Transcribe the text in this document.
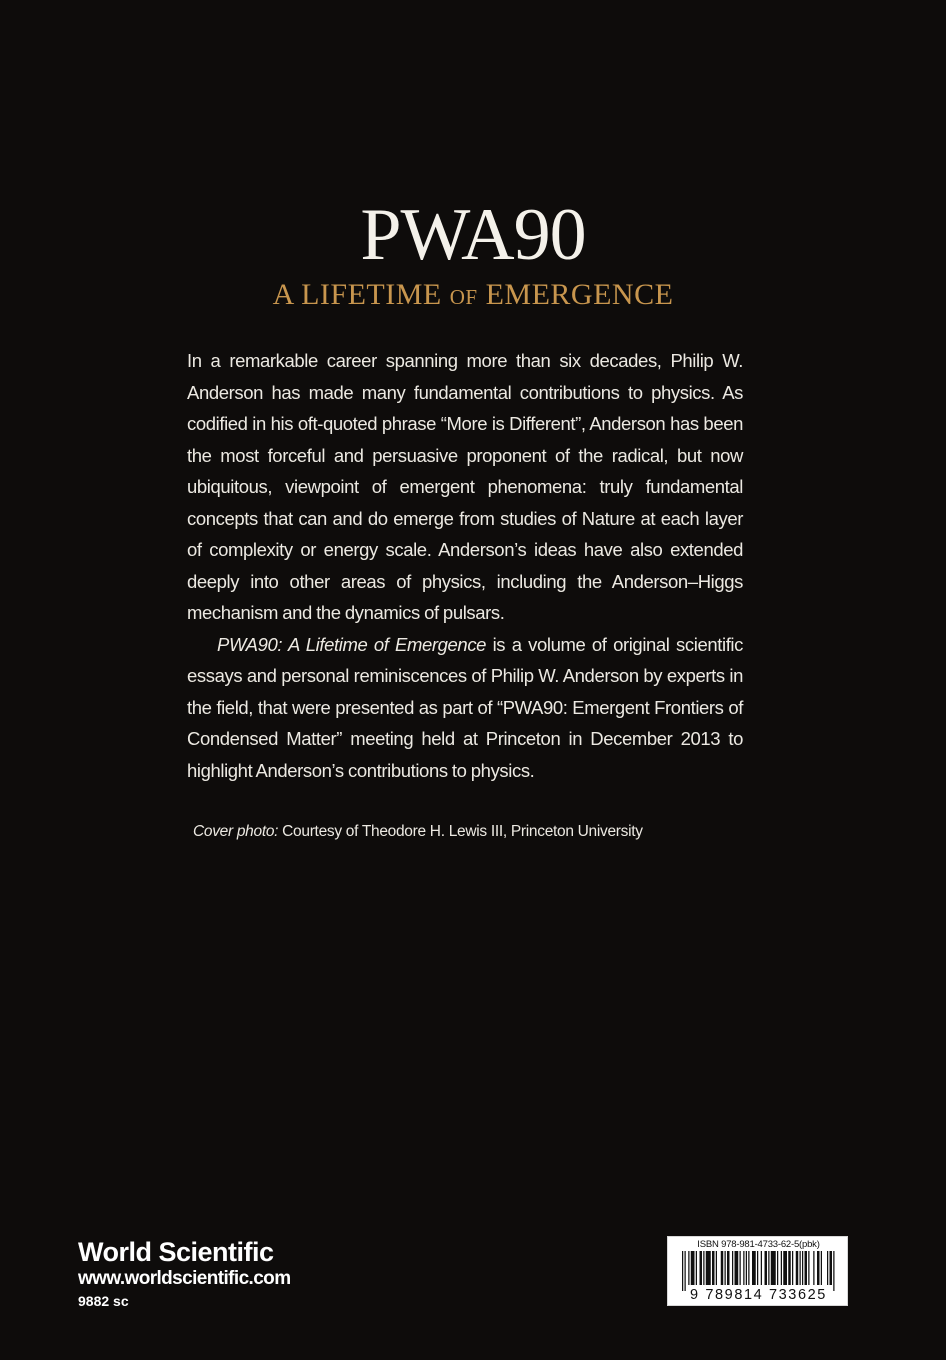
PWA90
A LIFETIME OF EMERGENCE

In a remarkable career spanning more than six decades, Philip W. Anderson has made many fundamental contributions to physics. As codified in his oft-quoted phrase “More is Different”, Anderson has been the most forceful and persuasive proponent of the radical, but now ubiquitous, viewpoint of emergent phenomena: truly fundamental concepts that can and do emerge from studies of Nature at each layer of complexity or energy scale. Anderson’s ideas have also extended deeply into other areas of physics, including the Anderson–Higgs mechanism and the dynamics of pulsars.

PWA90: A Lifetime of Emergence is a volume of original scientific essays and personal reminiscences of Philip W. Anderson by experts in the field, that were presented as part of “PWA90: Emergent Frontiers of Condensed Matter” meeting held at Princeton in December 2013 to highlight Anderson’s contributions to physics.

Cover photo: Courtesy of Theodore H. Lewis III, Princeton University
World Scientific
www.worldscientific.com
9882 sc
ISBN 978-981-4733-62-5(pbk)
9 789814 733625
